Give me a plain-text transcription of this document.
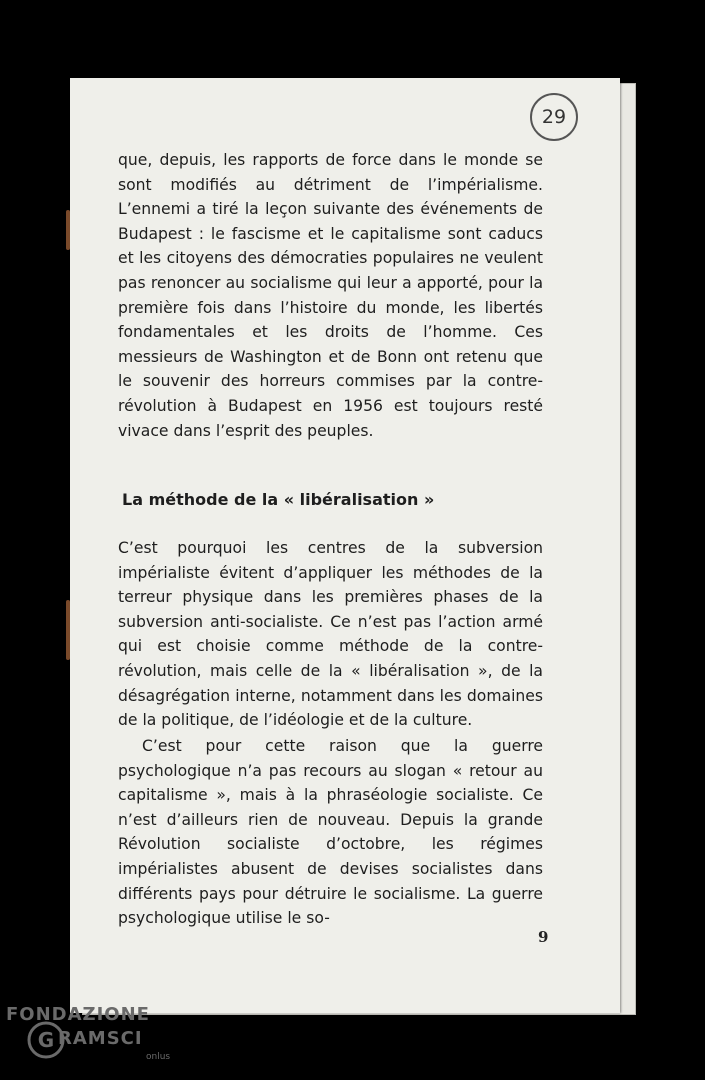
29

que, depuis, les rapports de force dans le monde se sont modifiés au détriment de l’impérialisme. L’ennemi a tiré la leçon suivante des événements de Budapest : le fascisme et le capitalisme sont caducs et les citoyens des démocraties populaires ne veulent pas renoncer au socialisme qui leur a apporté, pour la première fois dans l’histoire du monde, les libertés fondamentales et les droits de l’homme. Ces messieurs de Washington et de Bonn ont retenu que le souvenir des horreurs commises par la contre-révolution à Budapest en 1956 est toujours resté vivace dans l’esprit des peuples.

La méthode de la « libéralisation »

C’est pourquoi les centres de la subversion impérialiste évitent d’appliquer les méthodes de la terreur physique dans les premières phases de la subversion anti-socialiste. Ce n’est pas l’action armé qui est choisie comme méthode de la contre-révolution, mais celle de la « libéralisation », de la désagrégation interne, notamment dans les domaines de la politique, de l’idéologie et de la culture.

C’est pour cette raison que la guerre psychologique n’a pas recours au slogan « retour au capitalisme », mais à la phraséologie socialiste. Ce n’est d’ailleurs rien de nouveau. Depuis la grande Révolution socialiste d’octobre, les régimes impérialistes abusent de devises socialistes dans différents pays pour détruire le socialisme. La guerre psychologique utilise le so-

9
FONDAZIONE
G RAMSCI
onlus
